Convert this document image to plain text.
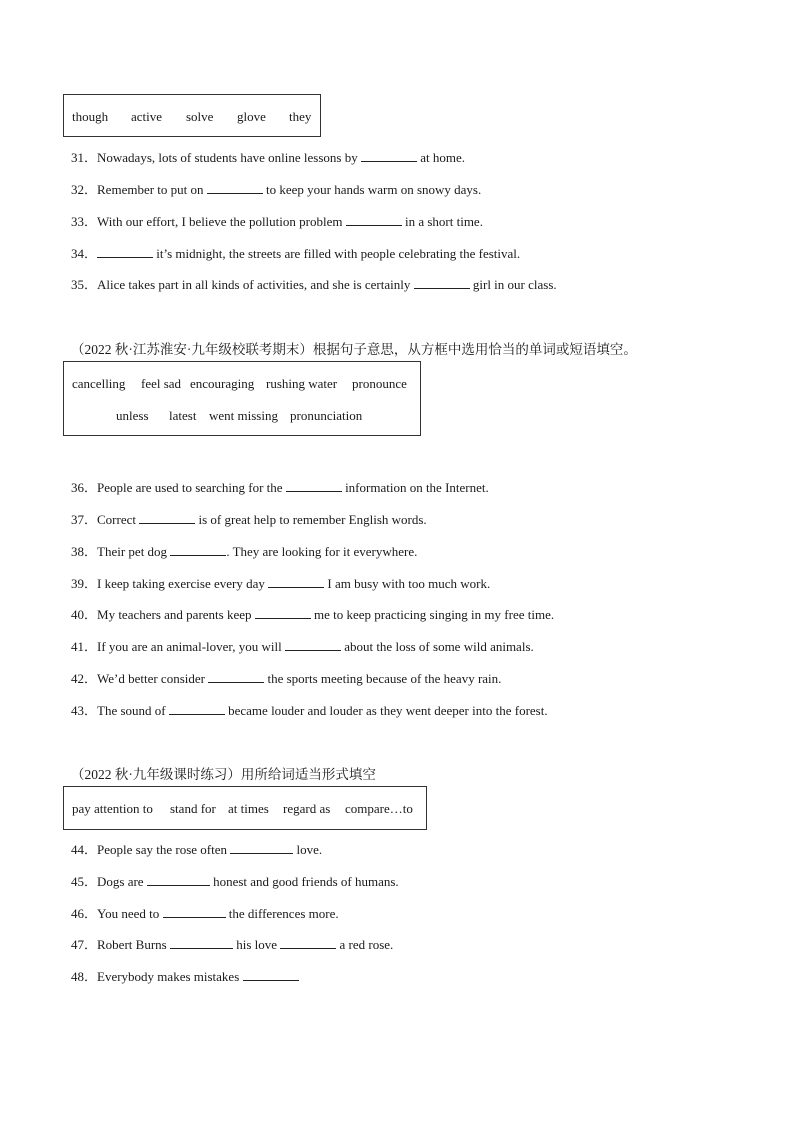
though active solve glove they
31．Nowadays, lots of students have online lessons by	at home.
32．Remember to put on	to keep your hands warm on snowy days.
33．With our effort, I believe the pollution problem	in a short time.
34．	it’s midnight, the streets are filled with people celebrating the festival.
35．Alice takes part in all kinds of activities, and she is certainly	girl in our class.
（2022 秋·江苏淮安·九年级校联考期末）根据句子意思，从方框中选用恰当的单词或短语填空。
cancelling feel sad encouraging rushing water pronounce
unless latest went missing pronunciation
36．People are used to searching for the	information on the Internet.
37．Correct	is of great help to remember English words.
38．Their pet dog	. They are looking for it everywhere.
39．I keep taking exercise every day	I am busy with too much work.
40．My teachers and parents keep	me to keep practicing singing in my free time.
41．If you are an animal-lover, you will	about the loss of some wild animals.
42．We’d better consider	the sports meeting because of the heavy rain.
43．The sound of	became louder and louder as they went deeper into the forest.
（2022 秋·九年级课时练习）用所给词适当形式填空
pay attention to stand for at times regard as compare…to
44．People say the rose often	love.
45．Dogs are	honest and good friends of humans.
46．You need to	the differences more.
47．Robert Burns	his love	a red rose.
48．Everybody makes mistakes
